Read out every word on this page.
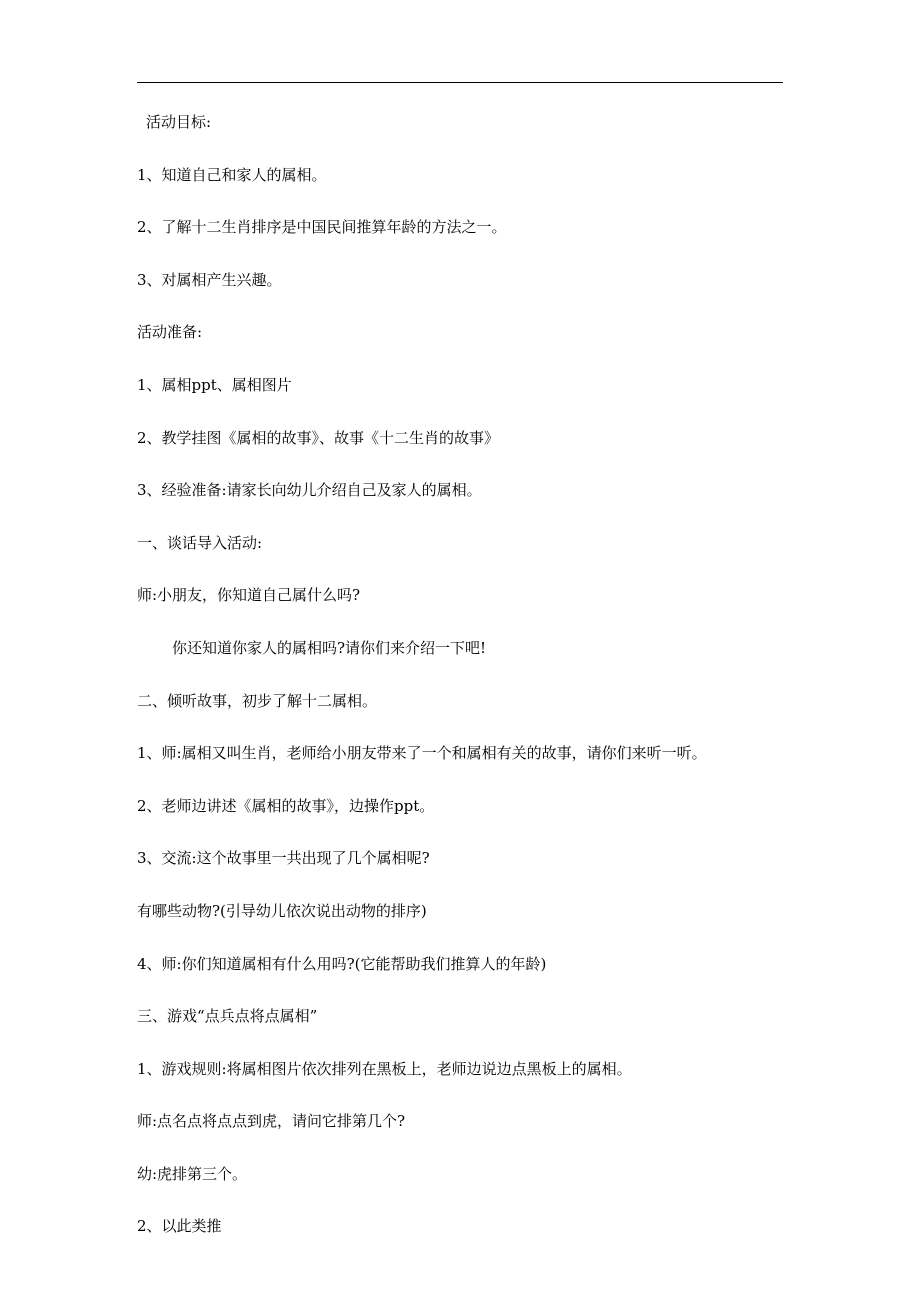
活动目标:
1、知道自己和家人的属相。
2、了解十二生肖排序是中国民间推算年龄的方法之一。
3、对属相产生兴趣。
活动准备:
1、属相ppt、属相图片
2、教学挂图《属相的故事》、故事《十二生肖的故事》
3、经验准备:请家长向幼儿介绍自己及家人的属相。
一、谈话导入活动:
师:小朋友，你知道自己属什么吗?
你还知道你家人的属相吗?请你们来介绍一下吧!
二、倾听故事，初步了解十二属相。
1、师:属相又叫生肖，老师给小朋友带来了一个和属相有关的故事，请你们来听一听。
2、老师边讲述《属相的故事》，边操作ppt。
3、交流:这个故事里一共出现了几个属相呢?
有哪些动物?(引导幼儿依次说出动物的排序)
4、师:你们知道属相有什么用吗?(它能帮助我们推算人的年龄)
三、游戏“点兵点将点属相”
1、游戏规则:将属相图片依次排列在黑板上，老师边说边点黑板上的属相。
师:点名点将点点到虎，请问它排第几个?
幼:虎排第三个。
2、以此类推
